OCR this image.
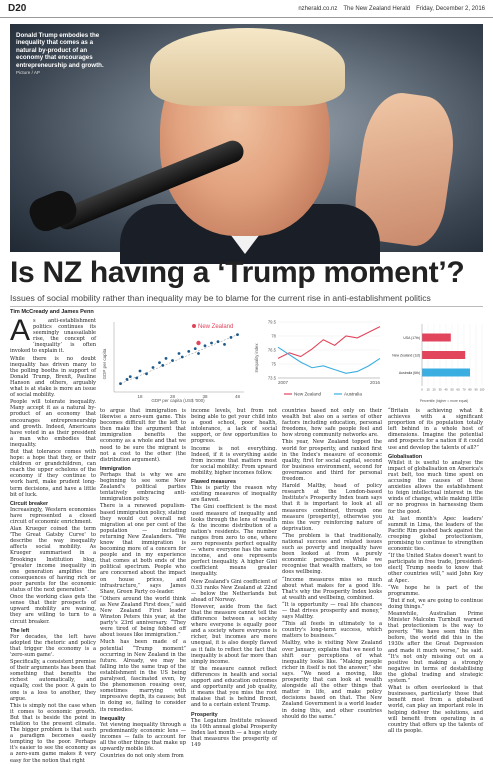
D20	nzherald.co.nz The New Zealand Herald Friday, December 2, 2016
Donald Trump embodies the inequality that comes as a natural by-product of an economy that encourages entrepreneurship and growth. Picture / AP
Is NZ having a ‘Trump moment’?
Issues of social mobility rather than inequality may be to blame for the current rise in anti-establishment politics
Tim McCready and James Penn

As anti-establishment politics continues its seemingly unassailable rise, the concept of ‘inequality’ is often invoked to explain it.

While there is no doubt inequality has driven many to the polling booths in support of Donald Trump, Brexit, Pauline Hanson and others, arguably what is at stake is more an issue of social mobility.

People will tolerate inequality. Many accept it as a natural by-product of an economy that encourages entrepreneurship and growth. Indeed, Americans have voted in as their president a man who embodies that inequality.

But that tolerance comes with hope: a hope that they, or their children or grandchildren, can reach the upper echelons of the economy if they continue to work hard, make prudent long-term decisions, and have a little bit of luck.

Circuit breaker

Increasingly, Western economies have represented a closed circuit of economic enrichment.

Alan Krueger coined the term 'The Great Gatsby Curve' to describe the way inequality affects social mobility. As Krueger summarised in a Brookings Institution blog, “greater income inequality in one generation amplifies the consequences of having rich or poor parents for the economic status of the next generation”.

Once the working class gets the sense that their prospects of upward mobility are waning, they are willing to turn to a circuit breaker.

The left

For decades, the left have adopted the rhetoric and policy that trigger the economy is a 'zero-sum game'.

Specifically, a consistent premise of their arguments has been that something that benefits the richest automatically, and equally, cost the poor. A gain to one is a loss to another, they argue.

This is simply not the case when it comes to economic growth. But that is beside the point in relation to the present climate. The bigger problem is that such a paradigm becomes easily tempting to the poor. Perhaps it's easier to see the economy as a zero-sum game makes it very easy for the notion that right

GDP per capita
GDP per capita (US$ '000)
New Zealand
18	28	38	48
Inequality index
79.5
78
76.5
75
73.5
2007	2016
New Zealand	Australia
Percentile (higher = more equal)
0 10 20 30 40 50 60 70 80 90 100
USA (17th)
New Zealand (1st)
Australia (6th)

to argue that immigration is likewise a zero-sum game. This becomes difficult for the left to then make the argument that immigration benefits the economy as a whole and that we need to be sure the migrant is not a cost to the other (the distribution argument).

Immigration

Perhaps that is why we are beginning to see some New Zealand's political parties tentatively embracing anti-immigration policy.

There is a renewed populism-based immigration policy, stating they would cut overall net migration at one per cent of the population — including returning New Zealanders. “We know that immigration is becoming more of a concern for people and in my experience that comes at both ends of the political spectrum. People who are concerned about the impact on house prices, and infrastructure,” says James Shaw, Green Party co-leader.

“Others around the world think as New Zealand First does,” said New Zealand First leader Winston Peters this year, at the party's 23rd anniversary. “They were tired of being fobbed off about issues like immigration.”

Much has been made of a potential “Trump moment” occurring in New Zealand in the future. Already, we may be falling into the same trap of the establishment in the US being paralysed, fascinated even, by the phenomenon rousing over, sometimes marrying with impressive depth, its causes; but in doing so, failing to consider its remedies.

Inequality

Yet viewing inequality through a predominantly economic lens — incomes — fails to account for all the other things that make up upwardly mobile life.

Countries do not only stem from

income levels, but from not being able to get your child into a good school, poor health, intolerance, a lack of social support, or few opportunities to progress.

Income is not everything. Indeed, if it is everything aside from income that matters most for social mobility: From upward mobility, higher incomes follow.

Flawed measures

This is partly the reason why existing measures of inequality are flawed.

The Gini coefficient is the most used measure of inequality and looks through the lens of wealth & the income distribution of a nation's residents. The number ranges from zero to one, where zero represents perfect equality — where everyone has the same income, and one represents perfect inequality. A higher Gini coefficient means greater inequality.

New Zealand's Gini coefficient of 0.33 ranks New Zealand at 22nd — below the Netherlands but ahead of Norway.

However, aside from the fact that the measure cannot tell the difference between a society where everyone is equally poor and a society where everyone is richer, but incomes are more unequal, it is also deeply flawed as it fails to reflect the fact that inequality is about far more than simply income.

If the measure cannot reflect differences in health and social support and education outcomes and opportunity and job quality, it means that you miss the root malaise that is behind Brexit, and to a certain extent Trump.

Prosperity

The Legatum Institute released its 10th annual global Prosperity Index last month — a huge study that measures the prosperity of 149

countries based not only on their wealth but also on a series of other factors including education, personal freedoms, how safe people feel and how strong community networks are.

This year, New Zealand topped the world for prosperity, and ranked first in the Index's measure of economic quality, first for social capital, second for business environment, second for governance and third for personal freedom.

Harold Maltby, head of policy research at the London-based Institute's Prosperity Index team says that it is important to look at all measures combined, through one measure (prosperity), otherwise you miss the very reinforcing nature of deprivation.

“The problem is that traditionally, national success and related issues such as poverty and inequality have been looked at from a purely economic perspective. While we recognise that wealth matters, so too does wellbeing.

“Income measures miss so much about what makes for a good life. That's why the Prosperity Index looks at wealth and wellbeing, combined.

“It is opportunity — real life chances — that drives prosperity and money,” says Maltby.

“This all feeds in ultimately to a country's long-term success, which matters to business.”

Maltby, who is visiting New Zealand over January, explains that we need to shift our perceptions of what inequality looks like. “Making people richer in itself is not the answer,” she says. “We need a moving, like prosperity that can look at wealth alongside all the other things that matter in life, and make policy decisions based on that. The New Zealand Government is a world leader in doing this, and other countries should do the same.”

“Britain is achieving what it achieves with a significant proportion of its population totally left behind in a whole host of dimensions. Imagine the potential and prospects for a nation if it could use and develop the talents of all?”

Globalisation

Whilst it is useful to analyse the impact of globalisation on America's rust belt, too much time spent on accusing the causes of these anxieties allows the establishment to feign intellectual interest in the winds of change, while making little or no progress in harnessing them for the good.

At last month's Apec leaders' summit in Lima, the leaders of the Pacific Rim pushed back against the creeping global protectionism, promising to continue to strengthen economic ties.

“If the United States doesn't want to participate in free trade, [president-elect] Trump needs to know that other countries will,” said John Key at Apec.

“We hope he is part of the programme.

“But if not, we are going to continue doing things.”

Meanwhile, Australian Prime Minister Malcolm Turnbull warned that protectionism is the way to poverty. “We have seen this film before, the world did this in the 1930s after the Great Depression and made it much worse,” he said. “It's not only missing out on a positive but making a strongly negative in terms of destabilising the global trading and strategic system.”

What is often overlooked is that businesses, particularly those that benefit most from a globalised world, can play an important role in helping deliver the solutions, and will benefit from operating in a country that offers up the talents of all its people.
